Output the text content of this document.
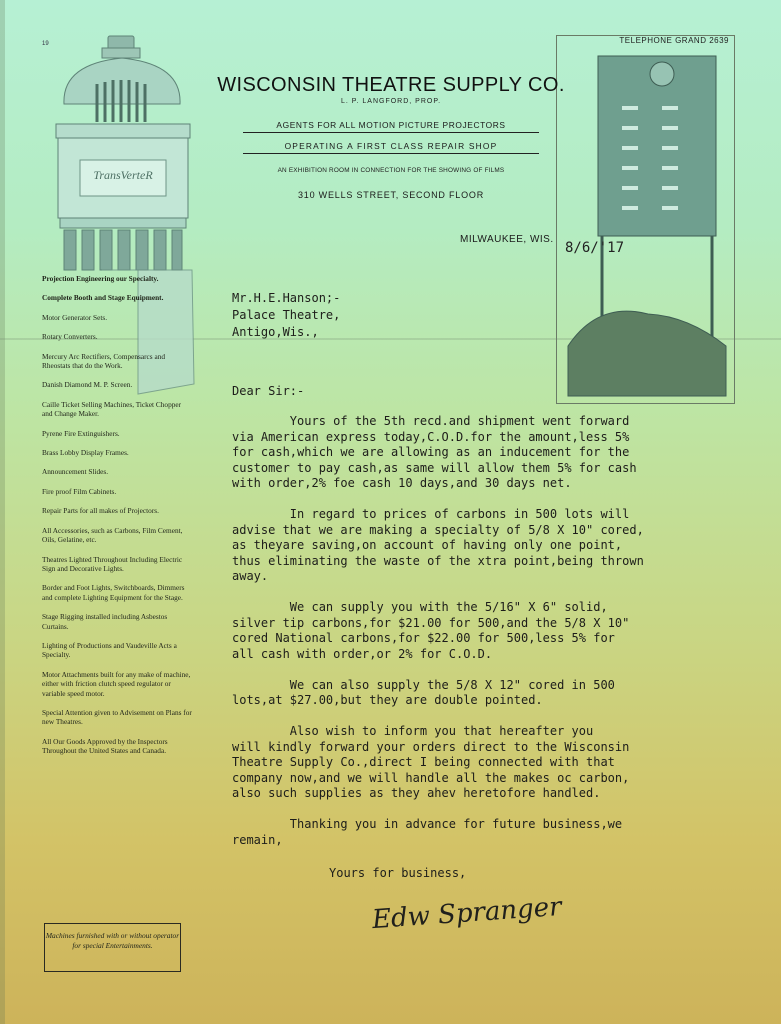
TransVerteR
19	TELEPHONE GRAND 2639
WISCONSIN THEATRE SUPPLY CO.
L. P. LANGFORD, PROP.
AGENTS FOR ALL MOTION PICTURE PROJECTORS
OPERATING A FIRST CLASS REPAIR SHOP
AN EXHIBITION ROOM IN CONNECTION FOR THE SHOWING OF FILMS
310 WELLS STREET, SECOND FLOOR
MILWAUKEE, WIS.
8/6/'17
Projection Engineering our Specialty.
Complete Booth and Stage Equipment.
Motor Generator Sets.
Rotary Converters.
Mercury Arc Rectifiers, Compensarcs and Rheostats that do the Work.
Danish Diamond M. P. Screen.
Caille Ticket Selling Machines, Ticket Chopper and Change Maker.
Pyrene Fire Extinguishers.
Brass Lobby Display Frames.
Announcement Slides.
Fire proof Film Cabinets.
Repair Parts for all makes of Projectors.
All Accessories, such as Carbons, Film Cement, Oils, Gelatine, etc.
Theatres Lighted Throughout Including Electric Sign and Decorative Lights.
Border and Foot Lights, Switchboards, Dimmers and complete Lighting Equipment for the Stage.
Stage Rigging installed including Asbestos Curtains.
Lighting of Productions and Vaudeville Acts a Specialty.
Motor Attachments built for any make of machine, either with friction clutch speed regulator or variable speed motor.
Special Attention given to Advisement on Plans for new Theatres.
All Our Goods Approved by the Inspectors Throughout the United States and Canada.
Machines furnished with or without operator for special Entertainments.
Mr.H.E.Hanson;-
Palace Theatre,
Antigo,Wis.,
Dear Sir:-
Yours of the 5th recd.and shipment went forward
via American express today,C.O.D.for the amount,less 5%
for cash,which we are allowing as an inducement for the
customer to pay cash,as same will allow them 5% for cash
with order,2% foe cash 10 days,and 30 days net.

In regard to prices of carbons in 500 lots will
advise that we are making a specialty of 5/8 X 10" cored,
as theyare saving,on account of having only one point,
thus eliminating the waste of the xtra point,being thrown
away.

We can supply you with the 5/16" X 6" solid,
silver tip carbons,for $21.00 for 500,and the 5/8 X 10"
cored National carbons,for $22.00 for 500,less 5% for
all cash with order,or 2% for C.O.D.

We can also supply the 5/8 X 12" cored in 500
lots,at $27.00,but they are double pointed.

Also wish to inform you that hereafter you
will kindly forward your orders direct to the Wisconsin
Theatre Supply Co.,direct I being connected with that
company now,and we will handle all the makes oc carbon,
also such supplies as they ahev heretofore handled.

Thanking you in advance for future business,we
remain,
Yours for business,
Edw Spranger
